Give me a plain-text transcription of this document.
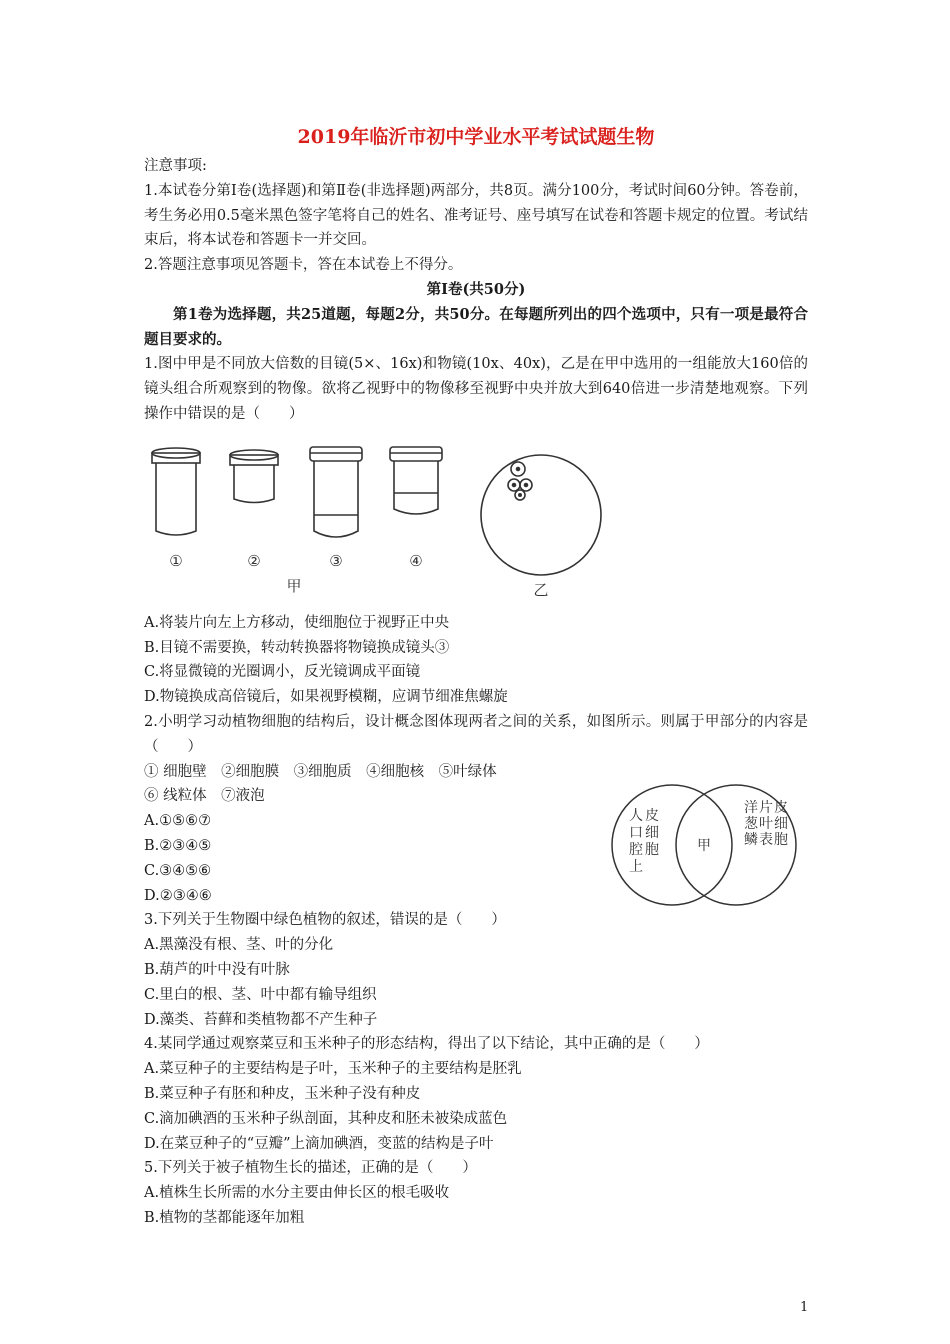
2019年临沂市初中学业水平考试试题生物
注意事项:
1.本试卷分第Ⅰ卷(选择题)和第Ⅱ卷(非选择题)两部分，共8页。满分100分，考试时间60分钟。答卷前，考生务必用0.5毫米黑色签字笔将自己的姓名、准考证号、座号填写在试卷和答题卡规定的位置。考试结束后，将本试卷和答题卡一并交回。
2.答题注意事项见答题卡，答在本试卷上不得分。
第Ⅰ卷(共50分)
第1卷为选择题，共25道题，每题2分，共50分。在每题所列出的四个选项中，只有一项是最符合题目要求的。
1.图中甲是不同放大倍数的目镜(5×、16x)和物镜(10x、40x)，乙是在甲中选用的一组能放大160倍的镜头组合所观察到的物像。欲将乙视野中的物像移至视野中央并放大到640倍进一步清楚地观察。下列操作中错误的是（　　）
①	②	③	④
甲	乙
A.将装片向左上方移动，使细胞位于视野正中央
B.目镜不需要换，转动转换器将物镜换成镜头③
C.将显微镜的光圈调小，反光镜调成平面镜
D.物镜换成高倍镜后，如果视野模糊，应调节细准焦螺旋
2.小明学习动植物细胞的结构后，设计概念图体现两者之间的关系，如图所示。则属于甲部分的内容是（　　）
① 细胞壁　②细胞膜　③细胞质　④细胞核　⑤叶绿体
⑥ 线粒体　⑦液泡
A.①⑤⑥⑦
B.②③④⑤
C.③④⑤⑥
D.②③④⑥
3.下列关于生物圈中绿色植物的叙述，错误的是（　　）
A.黑藻没有根、茎、叶的分化
B.葫芦的叶中没有叶脉
C.里白的根、茎、叶中都有输导组织
D.藻类、苔藓和类植物都不产生种子
4.某同学通过观察菜豆和玉米种子的形态结构，得出了以下结论，其中正确的是（　　）
A.菜豆种子的主要结构是子叶，玉米种子的主要结构是胚乳
B.菜豆种子有胚和种皮，玉米种子没有种皮
C.滴加碘酒的玉米种子纵剖面，其种皮和胚未被染成蓝色
D.在菜豆种子的“豆瓣”上滴加碘酒，变蓝的结构是子叶
5.下列关于被子植物生长的描述，正确的是（　　）
A.植株生长所需的水分主要由伸长区的根毛吸收
B.植物的茎都能逐年加粗
甲
人口腔上皮细胞
洋葱鳞片叶表皮细胞
1
